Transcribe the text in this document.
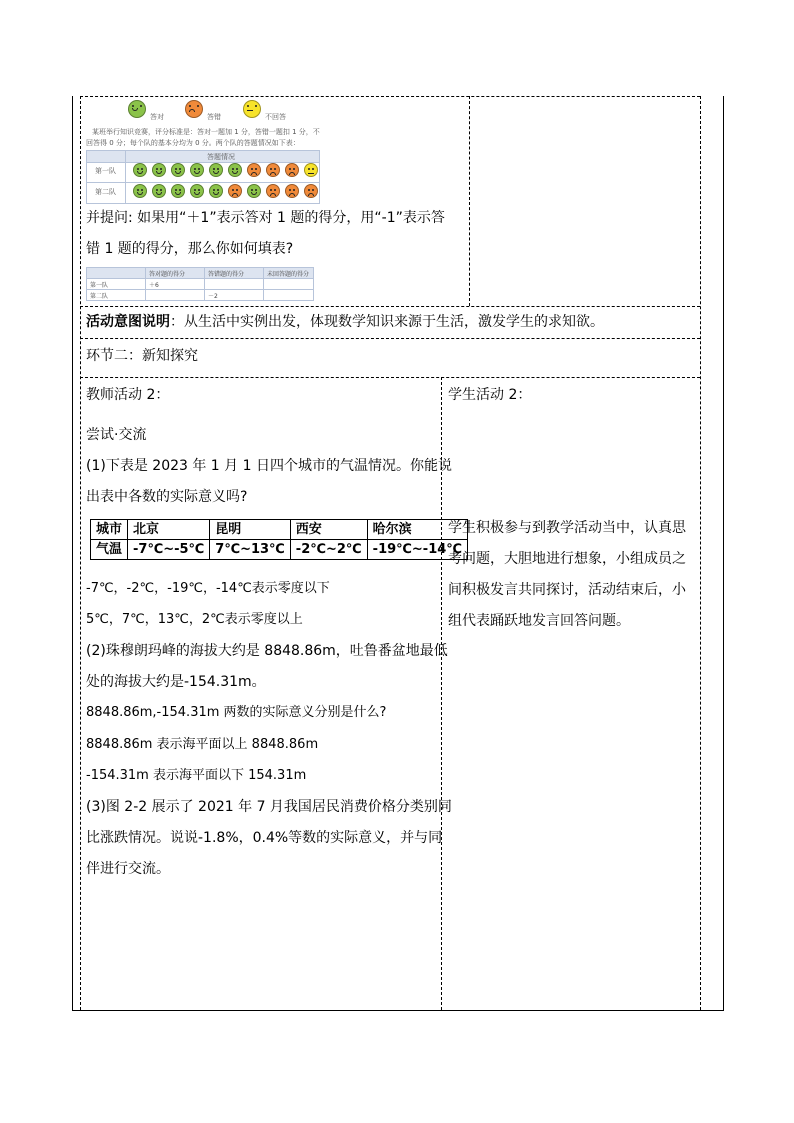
答对	答错	不回答
某班举行知识竞赛，评分标准是：答对一题加 1 分，答错一题扣 1 分，不
回答得 0 分；每个队的基本分均为 0 分。两个队的答题情况如下表：
答题情况
第一队
第二队
并提问: 如果用“＋1”表示答对 1 题的得分，用“-1”表示答
错 1 题的得分，那么你如何填表?
	答对题的得分	答错题的得分	未回答题的得分
第一队	＋6		
第二队		－2	
活动意图说明：从生活中实例出发，体现数学知识来源于生活，激发学生的求知欲。
环节二：新知探究
教师活动 2：
尝试·交流
(1)下表是 2023 年 1 月 1 日四个城市的气温情况。你能说
出表中各数的实际意义吗?
城市	北京	昆明	西安	哈尔滨
气温	-7℃~-5℃	7℃~13℃	-2℃~2℃	-19℃~-14℃
-7℃，-2℃，-19℃，-14℃表示零度以下
5℃，7℃，13℃，2℃表示零度以上
(2)珠穆朗玛峰的海拔大约是 8848.86m，吐鲁番盆地最低
处的海拔大约是-154.31m。
8848.86m,-154.31m 两数的实际意义分别是什么?
8848.86m 表示海平面以上 8848.86m
-154.31m 表示海平面以下 154.31m
(3)图 2-2 展示了 2021 年 7 月我国居民消费价格分类别同
比涨跌情况。说说-1.8%，0.4%等数的实际意义，并与同
伴进行交流。
学生活动 2：
学生积极参与到教学活动当中，认真思
考问题，大胆地进行想象，小组成员之
间积极发言共同探讨，活动结束后，小
组代表踊跃地发言回答问题。
